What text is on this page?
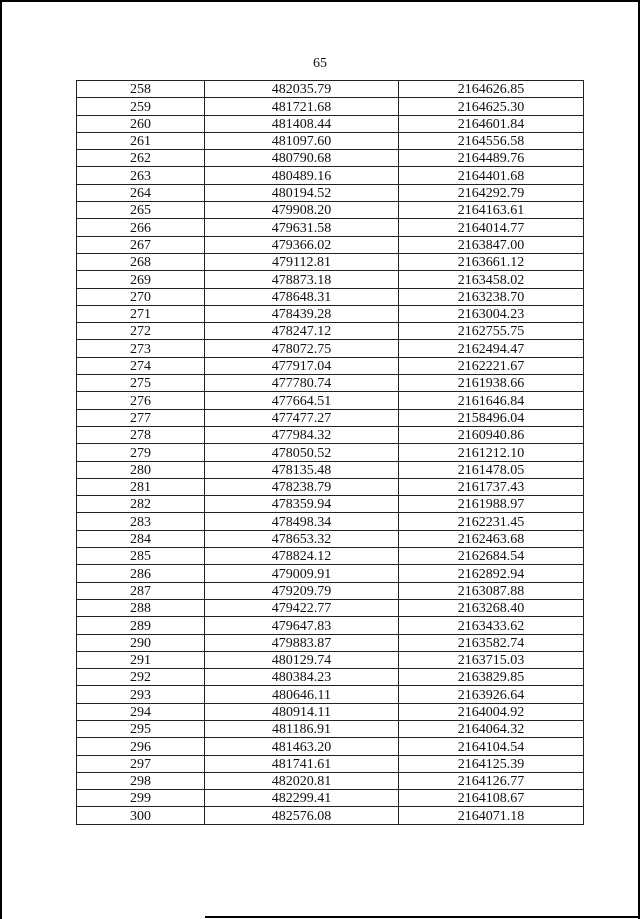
65
258	482035.79	2164626.85
259	481721.68	2164625.30
260	481408.44	2164601.84
261	481097.60	2164556.58
262	480790.68	2164489.76
263	480489.16	2164401.68
264	480194.52	2164292.79
265	479908.20	2164163.61
266	479631.58	2164014.77
267	479366.02	2163847.00
268	479112.81	2163661.12
269	478873.18	2163458.02
270	478648.31	2163238.70
271	478439.28	2163004.23
272	478247.12	2162755.75
273	478072.75	2162494.47
274	477917.04	2162221.67
275	477780.74	2161938.66
276	477664.51	2161646.84
277	477477.27	2158496.04
278	477984.32	2160940.86
279	478050.52	2161212.10
280	478135.48	2161478.05
281	478238.79	2161737.43
282	478359.94	2161988.97
283	478498.34	2162231.45
284	478653.32	2162463.68
285	478824.12	2162684.54
286	479009.91	2162892.94
287	479209.79	2163087.88
288	479422.77	2163268.40
289	479647.83	2163433.62
290	479883.87	2163582.74
291	480129.74	2163715.03
292	480384.23	2163829.85
293	480646.11	2163926.64
294	480914.11	2164004.92
295	481186.91	2164064.32
296	481463.20	2164104.54
297	481741.61	2164125.39
298	482020.81	2164126.77
299	482299.41	2164108.67
300	482576.08	2164071.18
